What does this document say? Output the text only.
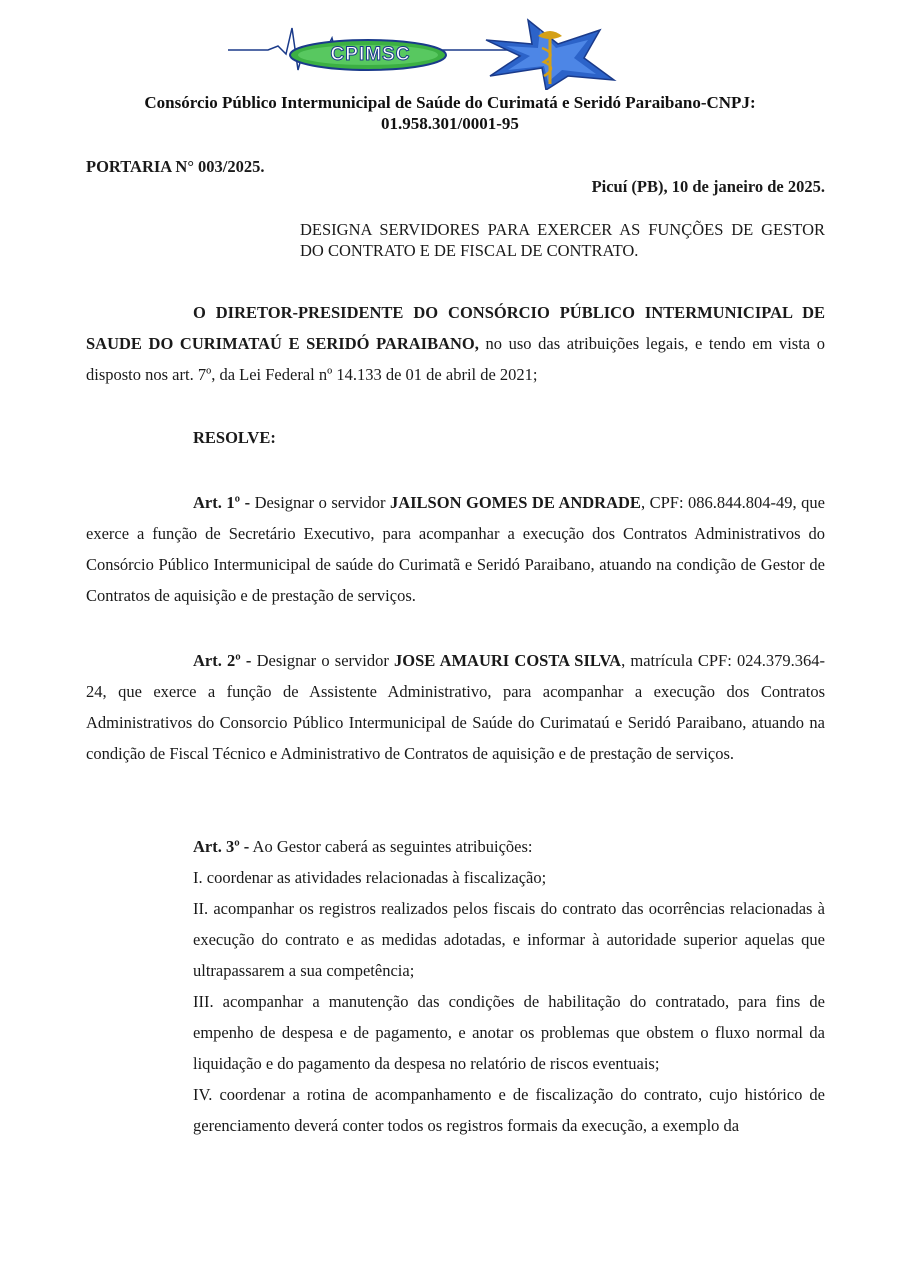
CPIMSC
Consórcio Público Intermunicipal de Saúde do Curimatá e Seridó Paraibano-CNPJ:
01.958.301/0001-95
PORTARIA N° 003/2025.
Picuí (PB), 10 de janeiro de 2025.
DESIGNA SERVIDORES PARA EXERCER AS FUNÇÕES DE GESTOR DO CONTRATO E DE FISCAL DE CONTRATO.
O DIRETOR-PRESIDENTE DO CONSÓRCIO PÚBLICO INTERMUNICIPAL DE SAUDE DO CURIMATAÚ E SERIDÓ PARAIBANO, no uso das atribuições legais, e tendo em vista o disposto nos art. 7º, da Lei Federal nº 14.133 de 01 de abril de 2021;
RESOLVE:
Art. 1º - Designar o servidor JAILSON GOMES DE ANDRADE, CPF: 086.844.804-49, que exerce a função de Secretário Executivo, para acompanhar a execução dos Contratos Administrativos do Consórcio Público Intermunicipal de saúde do Curimatã e Seridó Paraibano, atuando na condição de Gestor de Contratos de aquisição e de prestação de serviços.
Art. 2º - Designar o servidor JOSE AMAURI COSTA SILVA, matrícula CPF: 024.379.364-24, que exerce a função de Assistente Administrativo, para acompanhar a execução dos Contratos Administrativos do Consorcio Público Intermunicipal de Saúde do Curimataú e Seridó Paraibano, atuando na condição de Fiscal Técnico e Administrativo de Contratos de aquisição e de prestação de serviços.
Art. 3º - Ao Gestor caberá as seguintes atribuições:
I. coordenar as atividades relacionadas à fiscalização;
II. acompanhar os registros realizados pelos fiscais do contrato das ocorrências relacionadas à execução do contrato e as medidas adotadas, e informar à autoridade superior aquelas que ultrapassarem a sua competência;
III. acompanhar a manutenção das condições de habilitação do contratado, para fins de empenho de despesa e de pagamento, e anotar os problemas que obstem o fluxo normal da liquidação e do pagamento da despesa no relatório de riscos eventuais;
IV. coordenar a rotina de acompanhamento e de fiscalização do contrato, cujo histórico de gerenciamento deverá conter todos os registros formais da execução, a exemplo da
